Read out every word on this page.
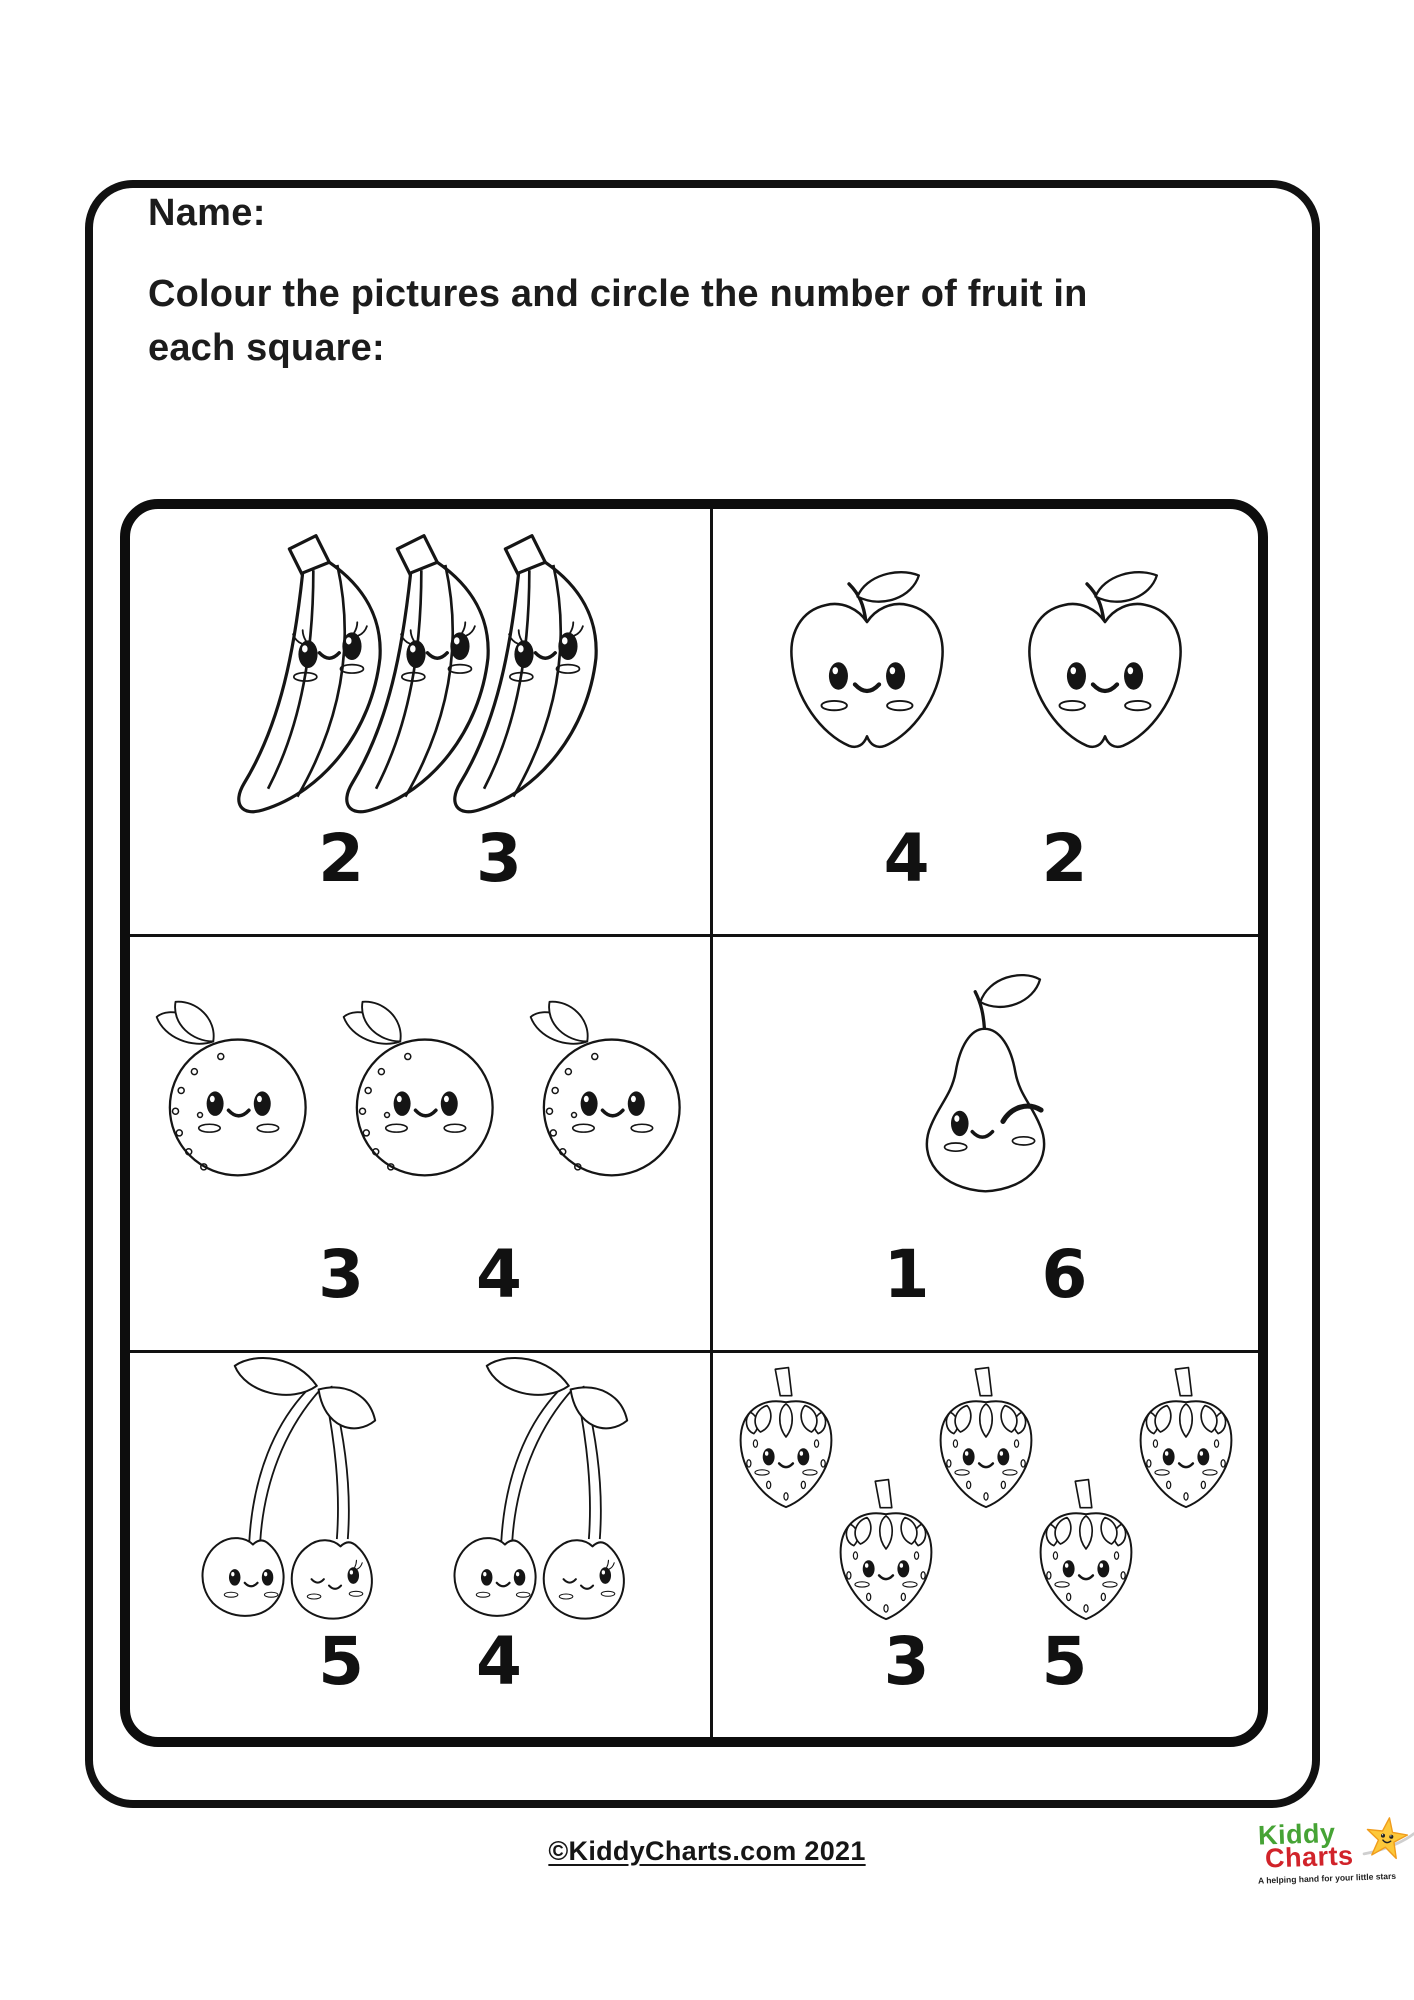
Name:
Colour the pictures and circle the number of fruit in each square:
2 3	4 2
3 4	1 6
5 4	3 5
©KiddyCharts.com 2021
Kiddy
Charts
A helping hand for your little stars
